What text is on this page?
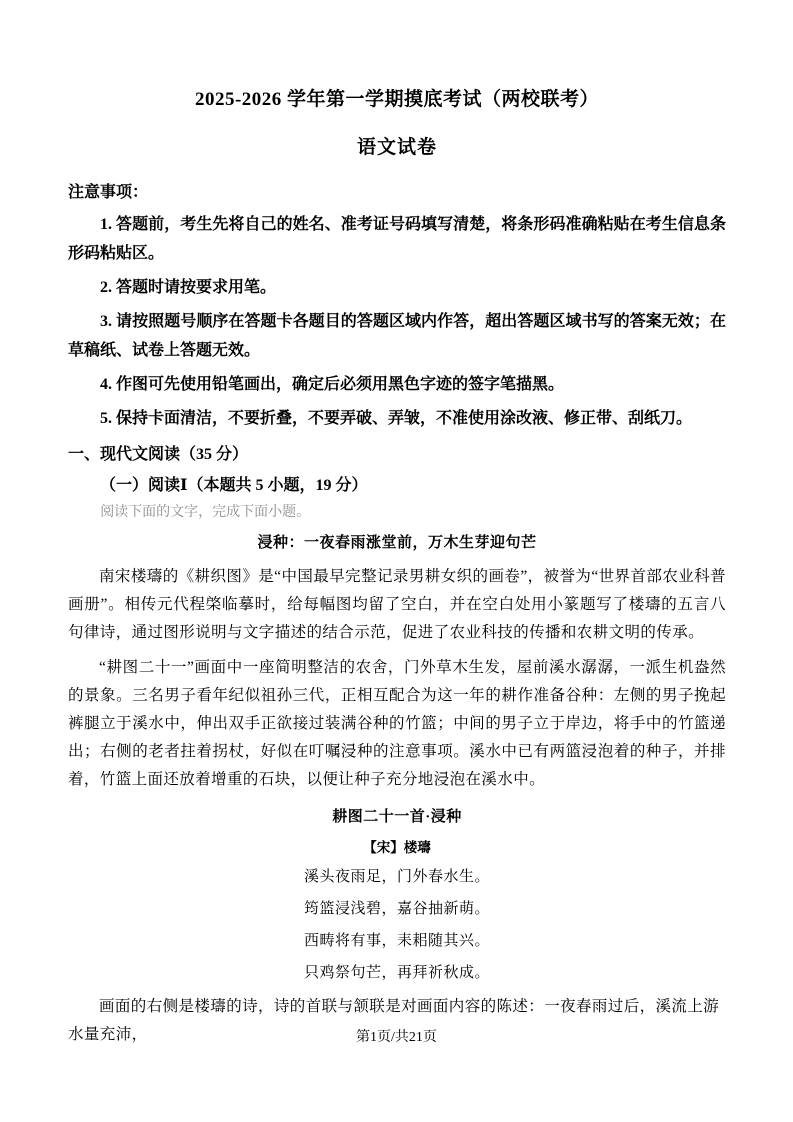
2025-2026 学年第一学期摸底考试（两校联考）
语文试卷

注意事项：

1. 答题前，考生先将自己的姓名、准考证号码填写清楚，将条形码准确粘贴在考生信息条形码粘贴区。

2. 答题时请按要求用笔。

3. 请按照题号顺序在答题卡各题目的答题区域内作答，超出答题区域书写的答案无效；在草稿纸、试卷上答题无效。

4. 作图可先使用铅笔画出，确定后必须用黑色字迹的签字笔描黑。

5. 保持卡面清洁，不要折叠，不要弄破、弄皱，不准使用涂改液、修正带、刮纸刀。

一、现代文阅读（35 分）

（一）阅读Ⅰ（本题共 5 小题，19 分）

阅读下面的文字，完成下面小题。

浸种：一夜春雨涨堂前，万木生芽迎句芒

南宋楼璹的《耕织图》是“中国最早完整记录男耕女织的画卷”，被誉为“世界首部农业科普画册”。相传元代程棨临摹时，给每幅图均留了空白，并在空白处用小篆题写了楼璹的五言八句律诗，通过图形说明与文字描述的结合示范，促进了农业科技的传播和农耕文明的传承。

“耕图二十一”画面中一座简明整洁的农舍，门外草木生发，屋前溪水潺潺，一派生机盎然的景象。三名男子看年纪似祖孙三代，正相互配合为这一年的耕作准备谷种：左侧的男子挽起裤腿立于溪水中，伸出双手正欲接过装满谷种的竹篮；中间的男子立于岸边，将手中的竹篮递出；右侧的老者拄着拐杖，好似在叮嘱浸种的注意事项。溪水中已有两篮浸泡着的种子，并排着，竹篮上面还放着增重的石块，以便让种子充分地浸泡在溪水中。

耕图二十一首·浸种

【宋】楼璹

溪头夜雨足，门外春水生。

筠篮浸浅碧，嘉谷抽新萌。

西畴将有事，耒耜随其兴。

只鸡祭句芒，再拜祈秋成。

画面的右侧是楼璹的诗，诗的首联与颔联是对画面内容的陈述：一夜春雨过后，溪流上游水量充沛，	第1页/共21页
